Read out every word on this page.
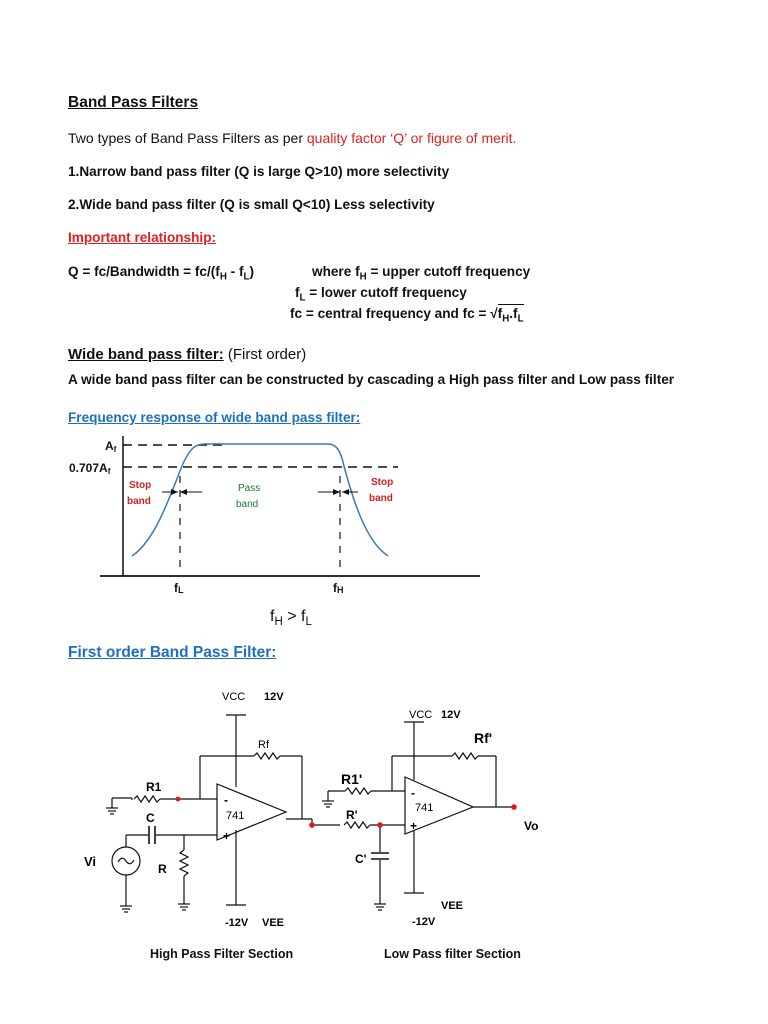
Band Pass Filters
Two types of Band Pass Filters as per quality factor ‘Q’ or figure of merit.
1.Narrow band pass filter (Q is large Q>10) more selectivity
2.Wide band pass filter (Q is small Q<10) Less selectivity
Important relationship:
Q = fc/Bandwidth = $fc/(f_H - f_L)$	where $f_H$ = upper cutoff frequency
$f_L$ = lower cutoff frequency
fc = central frequency and fc = $√f_H.f_L$
Wide band pass filter: (First order)
A wide band pass filter can be constructed by cascading a High pass filter and Low pass filter
Frequency response of wide band pass filter:
Af
0.707Af
Stop
band
Pass
band
Stop
band
fL	fH
$f_H > f_L$
First order Band Pass Filter:
VCC 12V
VCC 12V
Rf	Rf'
R1	R1'
C	R'
C'
Vi	R
741
741
-
+
-
+	Vo
-12V VEE
VEE
-12V
High Pass Filter Section	Low Pass filter Section
